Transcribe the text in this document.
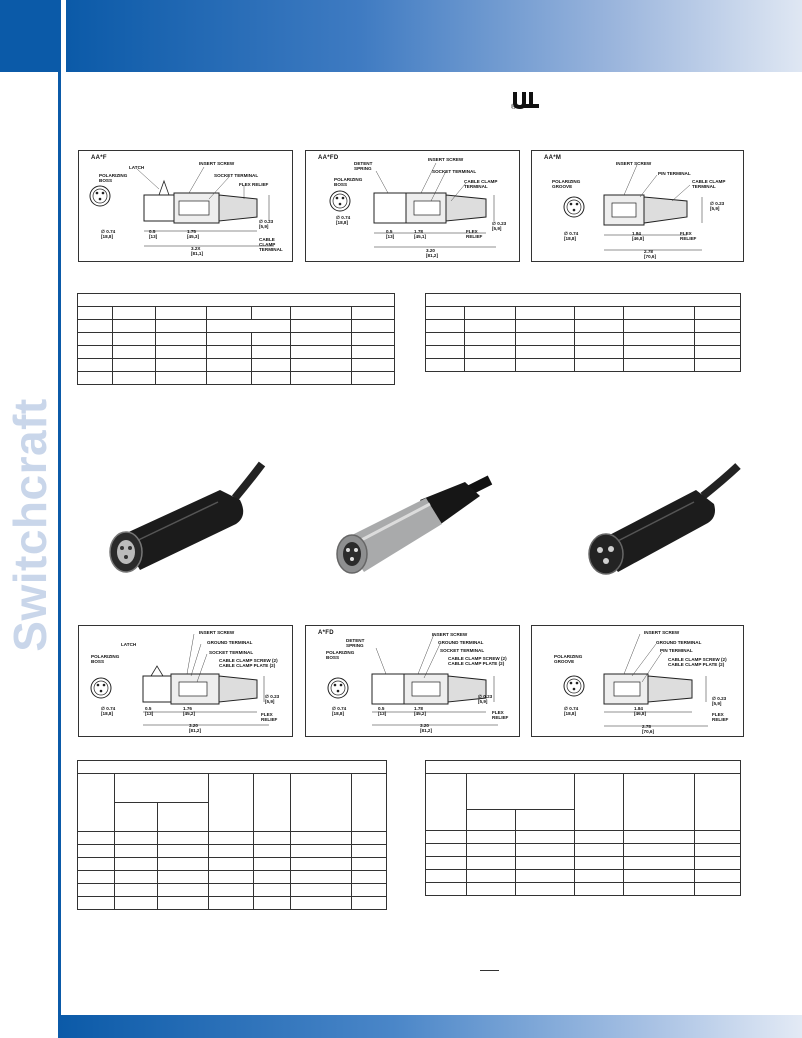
Switchcraft
®
AA*F
POLARIZING
BOSS
LATCH
INSERT SCREW
SOCKET TERMINAL
FLEX RELIEF
∅ 0.74
[18,8]
0.5
[13]
1.75
[45,3]
3.2X
[81,1]
∅ 0.23
[5,9]
CABLE
CLAMP
TERMINAL
AA*FD
DETENT
SPRING
INSERT SCREW
SOCKET TERMINAL
CABLE CLAMP
TERMINAL
POLARIZING
BOSS
∅ 0.74
[18,8]
0.5
[13]
1.78
[45,1]
3.20
[81,2]
∅ 0.23
[5,9]
FLEX
RELIEF
AA*M
INSERT SCREW
PIN TERMINAL
CABLE CLAMP
TERMINAL
POLARIZING
GROOVE
∅ 0.74
[18,8]
1.84
[46,8]
2.78
[70,6]
∅ 0.23
[5,9]
FLEX
RELIEF

INSERT SCREW
LATCH	GROUND TERMINAL
SOCKET TERMINAL
CABLE CLAMP SCREW (2)
CABLE CLAMP PLATE (2)
POLARIZING
BOSS
∅ 0.74
[18,8]
0.5
[13]
1.76
[45,2]
3.20
[81,2]
∅ 0.23
[5,9]
FLEX
RELIEF
A*FD
DETENT
SPRING
INSERT SCREW
GROUND TERMINAL
SOCKET TERMINAL
CABLE CLAMP SCREW (2)
CABLE CLAMP PLATE (2)
POLARIZING
BOSS
∅ 0.74
[18,8]
0.5
[13]
1.78
[45,2]
3.20
[81,2]
∅ 0.23
[5,9]
FLEX
RELIEF
INSERT SCREW
GROUND TERMINAL
PIN TERMINAL
CABLE CLAMP SCREW (2)
CABLE CLAMP PLATE (2)
POLARIZING
GROOVE
∅ 0.74
[18,8]
1.84
[46,8]
2.78
[70,6]
∅ 0.23
[5,9]
FLEX
RELIEF
